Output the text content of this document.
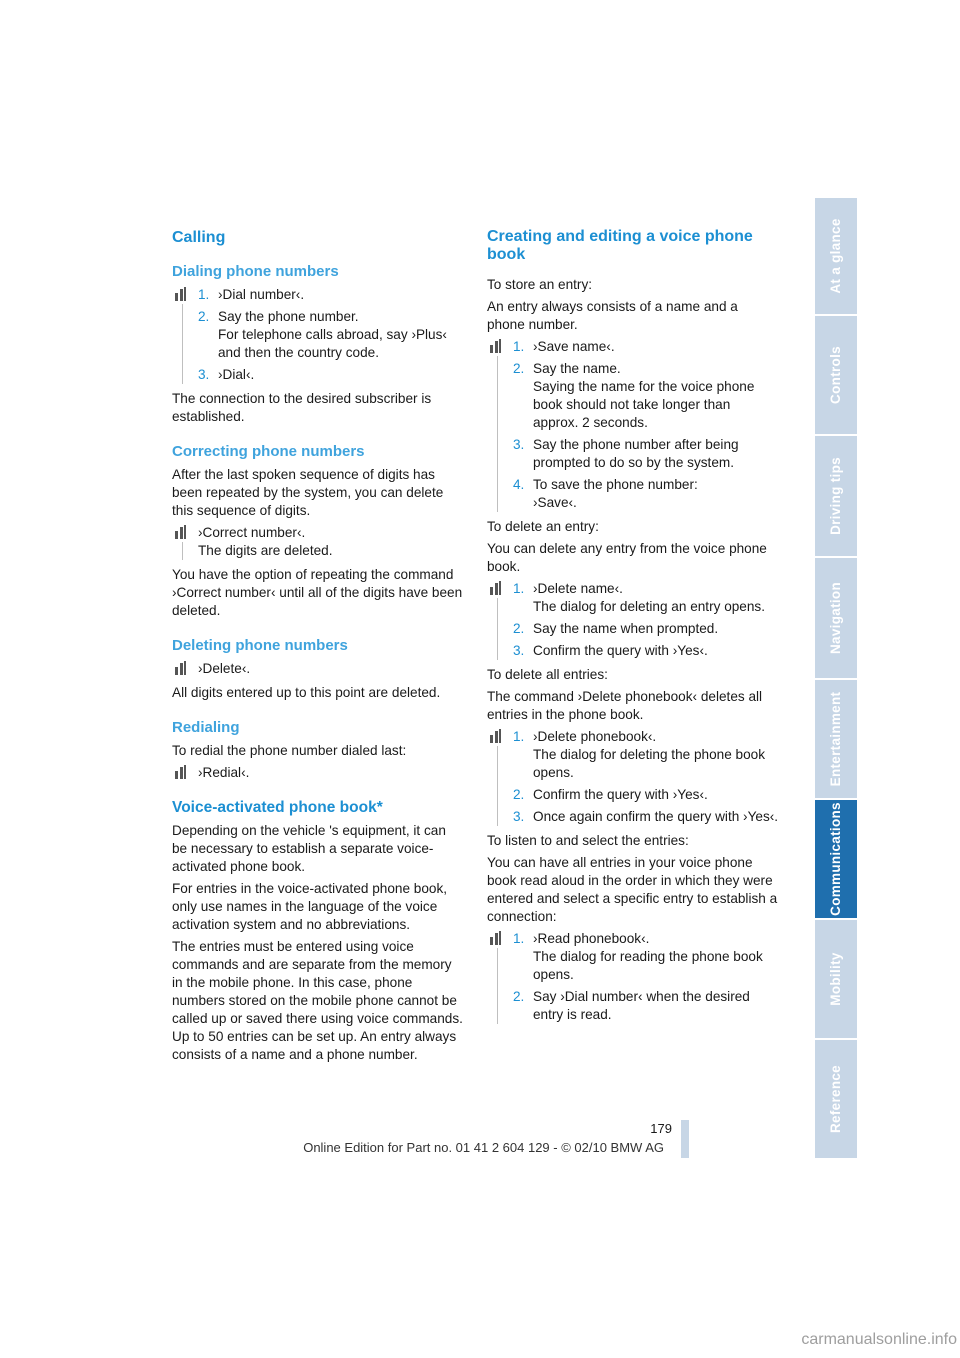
Calling
Dialing phone numbers
1. ›Dial number‹.
2. Say the phone number.
For telephone calls abroad, say ›Plus‹ and then the country code.
3. ›Dial‹.

The connection to the desired subscriber is established.

Correcting phone numbers

After the last spoken sequence of digits has been repeated by the system, you can delete this sequence of digits.

›Correct number‹.
The digits are deleted.

You have the option of repeating the command ›Correct number‹ until all of the digits have been deleted.

Deleting phone numbers
›Delete‹.

All digits entered up to this point are deleted.

Redialing

To redial the phone number dialed last:

›Redial‹.
Voice-activated phone book*

Depending on the vehicle 's equipment, it can be necessary to establish a separate voice-activated phone book.

For entries in the voice-activated phone book, only use names in the language of the voice activation system and no abbreviations.

The entries must be entered using voice commands and are separate from the memory in the mobile phone. In this case, phone numbers stored on the mobile phone cannot be called up or saved there using voice commands. Up to 50 entries can be set up. An entry always consists of a name and a phone number.

Creating and editing a voice phone book

To store an entry:

An entry always consists of a name and a phone number.

1. ›Save name‹.
2. Say the name.
Saying the name for the voice phone book should not take longer than approx. 2 seconds.
3. Say the phone number after being prompted to do so by the system.
4. To save the phone number:
›Save‹.

To delete an entry:

You can delete any entry from the voice phone book.

1. ›Delete name‹.
The dialog for deleting an entry opens.
2. Say the name when prompted.
3. Confirm the query with ›Yes‹.

To delete all entries:

The command ›Delete phonebook‹ deletes all entries in the phone book.

1. ›Delete phonebook‹.
The dialog for deleting the phone book opens.
2. Confirm the query with ›Yes‹.
3. Once again confirm the query with ›Yes‹.

To listen to and select the entries:

You can have all entries in your voice phone book read aloud in the order in which they were entered and select a specific entry to establish a connection:

1. ›Read phonebook‹.
The dialog for reading the phone book opens.
2. Say ›Dial number‹ when the desired entry is read.
At a glance
Controls
Driving tips
Navigation
Entertainment
Communications
Mobility
Reference
179
Online Edition for Part no. 01 41 2 604 129 - © 02/10 BMW AG
carmanualsonline.info
